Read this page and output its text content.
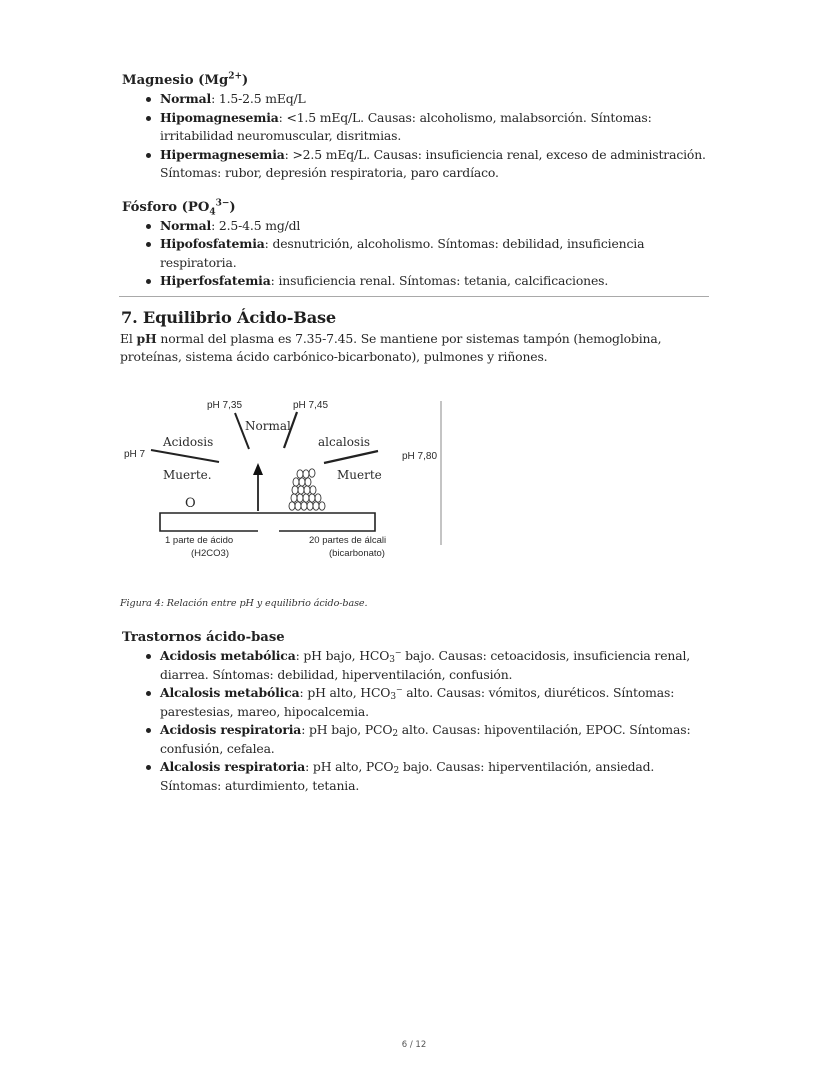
Magnesio $(Mg^{2+})$
Normal: 1.5-2.5 mEq/L
Hipomagnesemia: <1.5 mEq/L. Causas: alcoholismo, malabsorción. Síntomas: irritabilidad neuromuscular, disritmias.
Hipermagnesemia: >2.5 mEq/L. Causas: insuficiencia renal, exceso de administración. Síntomas: rubor, depresión respiratoria, paro cardíaco.
Fósforo $(PO_4^{3-})$
Normal: 2.5-4.5 mg/dl
Hipofosfatemia: desnutrición, alcoholismo. Síntomas: debilidad, insuficiencia respiratoria.
Hiperfosfatemia: insuficiencia renal. Síntomas: tetania, calcificaciones.
7. Equilibrio Ácido-Base

El pH normal del plasma es 7.35-7.45. Se mantiene por sistemas tampón (hemoglobina, proteínas, sistema ácido carbónico-bicarbonato), pulmones y riñones.

pH 7,35	pH 7,45
Normal
Acidosis	alcalosis
pH 7	pH 7,80
Muerte.	Muerte
O
1 parte de ácido
(H2CO3)
20 partes de álcali
(bicarbonato)
Figura 4: Relación entre pH y equilibrio ácido-base.
Trastornos ácido-base
Acidosis metabólica: pH bajo, $HCO_3^-$ bajo. Causas: cetoacidosis, insuficiencia renal, diarrea. Síntomas: debilidad, hiperventilación, confusión.
Alcalosis metabólica: pH alto, $HCO_3^-$ alto. Causas: vómitos, diuréticos. Síntomas: parestesias, mareo, hipocalcemia.
Acidosis respiratoria: pH bajo, $PCO_2$ alto. Causas: hipoventilación, EPOC. Síntomas: confusión, cefalea.
Alcalosis respiratoria: pH alto, $PCO_2$ bajo. Causas: hiperventilación, ansiedad. Síntomas: aturdimiento, tetania.
6 / 12
